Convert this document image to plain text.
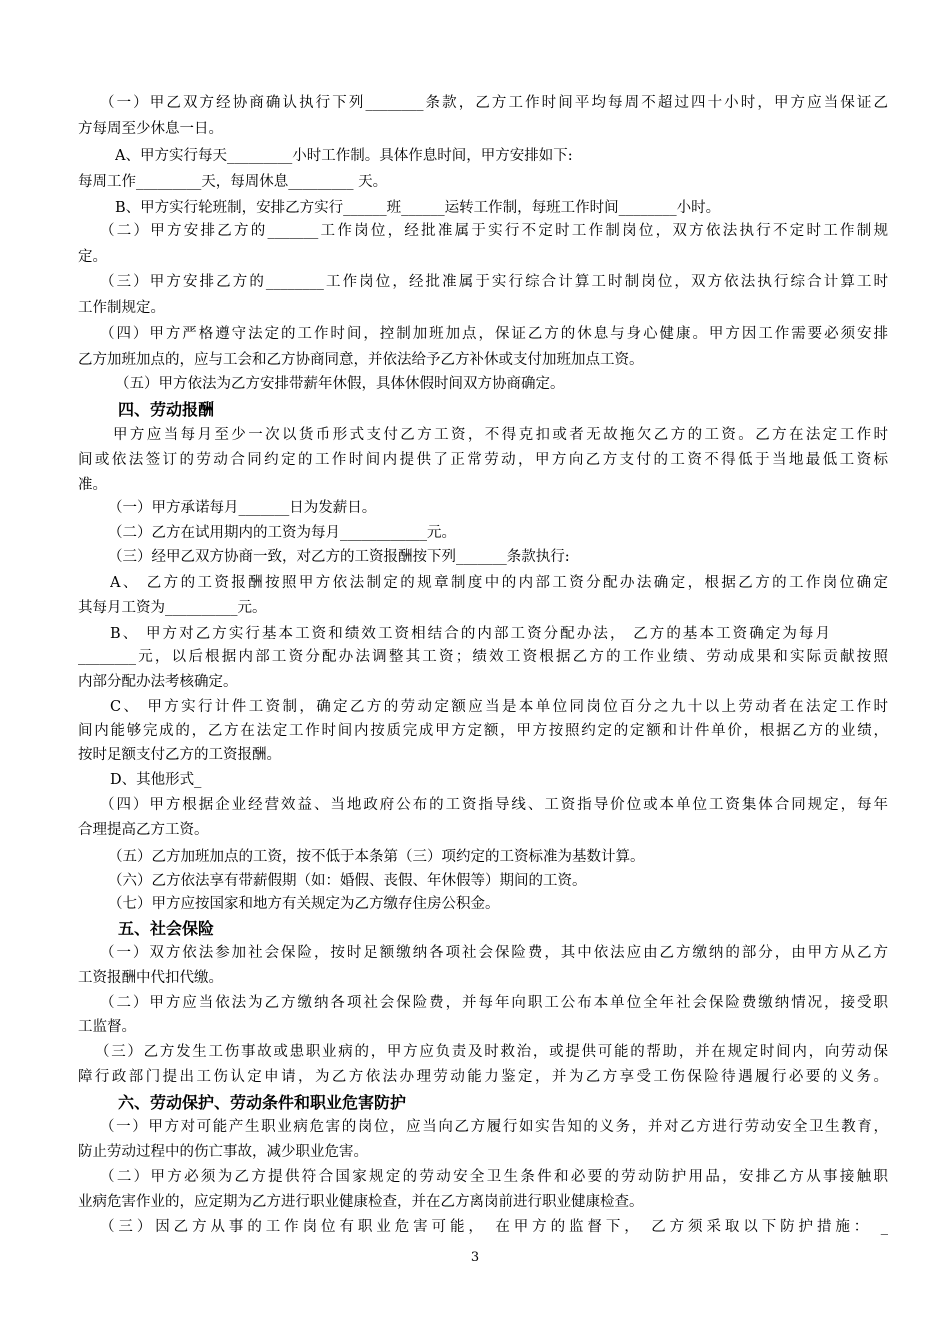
（一）甲乙双方经协商确认执行下列________条款，乙方工作时间平均每周不超过四十小时，甲方应当保证乙
方每周至少休息一日。
A、甲方实行每天_________小时工作制。具体作息时间，甲方安排如下:
每周工作_________天，每周休息_________ 天。
B、甲方实行轮班制，安排乙方实行______班______运转工作制，每班工作时间________小时。
（二）甲方安排乙方的_______工作岗位，经批准属于实行不定时工作制岗位，双方依法执行不定时工作制规
定。
（三）甲方安排乙方的________工作岗位，经批准属于实行综合计算工时制岗位，双方依法执行综合计算工时
工作制规定。
（四）甲方严格遵守法定的工作时间，控制加班加点，保证乙方的休息与身心健康。甲方因工作需要必须安排
乙方加班加点的，应与工会和乙方协商同意，并依法给予乙方补休或支付加班加点工资。
（五）甲方依法为乙方安排带薪年休假，具体休假时间双方协商确定。
四、劳动报酬
甲方应当每月至少一次以货币形式支付乙方工资，不得克扣或者无故拖欠乙方的工资。乙方在法定工作时
间或依法签订的劳动合同约定的工作时间内提供了正常劳动，甲方向乙方支付的工资不得低于当地最低工资标
准。
（一）甲方承诺每月_______日为发薪日。
（二）乙方在试用期内的工资为每月____________元。
（三）经甲乙双方协商一致，对乙方的工资报酬按下列_______条款执行:
A、 乙方的工资报酬按照甲方依法制定的规章制度中的内部工资分配办法确定，根据乙方的工作岗位确定
其每月工资为__________元。
B、 甲方对乙方实行基本工资和绩效工资相结合的内部工资分配办法， 乙方的基本工资确定为每月
________元，以后根据内部工资分配办法调整其工资；绩效工资根据乙方的工作业绩、劳动成果和实际贡献按照
内部分配办法考核确定。
C、 甲方实行计件工资制，确定乙方的劳动定额应当是本单位同岗位百分之九十以上劳动者在法定工作时
间内能够完成的，乙方在法定工作时间内按质完成甲方定额，甲方按照约定的定额和计件单价，根据乙方的业绩，
按时足额支付乙方的工资报酬。
D、其他形式_
（四）甲方根据企业经营效益、当地政府公布的工资指导线、工资指导价位或本单位工资集体合同规定，每年
合理提高乙方工资。
（五）乙方加班加点的工资，按不低于本条第（三）项约定的工资标准为基数计算。
（六）乙方依法享有带薪假期（如：婚假、丧假、年休假等）期间的工资。
（七）甲方应按国家和地方有关规定为乙方缴存住房公积金。
五、社会保险
（一）双方依法参加社会保险，按时足额缴纳各项社会保险费，其中依法应由乙方缴纳的部分，由甲方从乙方
工资报酬中代扣代缴。
（二）甲方应当依法为乙方缴纳各项社会保险费，并每年向职工公布本单位全年社会保险费缴纳情况，接受职
工监督。
（三）乙方发生工伤事故或患职业病的，甲方应负责及时救治，或提供可能的帮助，并在规定时间内，向劳动保
障行政部门提出工伤认定申请，为乙方依法办理劳动能力鉴定，并为乙方享受工伤保险待遇履行必要的义务。
六、劳动保护、劳动条件和职业危害防护
（一）甲方对可能产生职业病危害的岗位，应当向乙方履行如实告知的义务，并对乙方进行劳动安全卫生教育，
防止劳动过程中的伤亡事故，减少职业危害。
（二）甲方必须为乙方提供符合国家规定的劳动安全卫生条件和必要的劳动防护用品，安排乙方从事接触职
业病危害作业的，应定期为乙方进行职业健康检查，并在乙方离岗前进行职业健康检查。
（三）因乙方从事的工作岗位有职业危害可能， 在甲方的监督下， 乙方须采取以下防护措施： _
3
